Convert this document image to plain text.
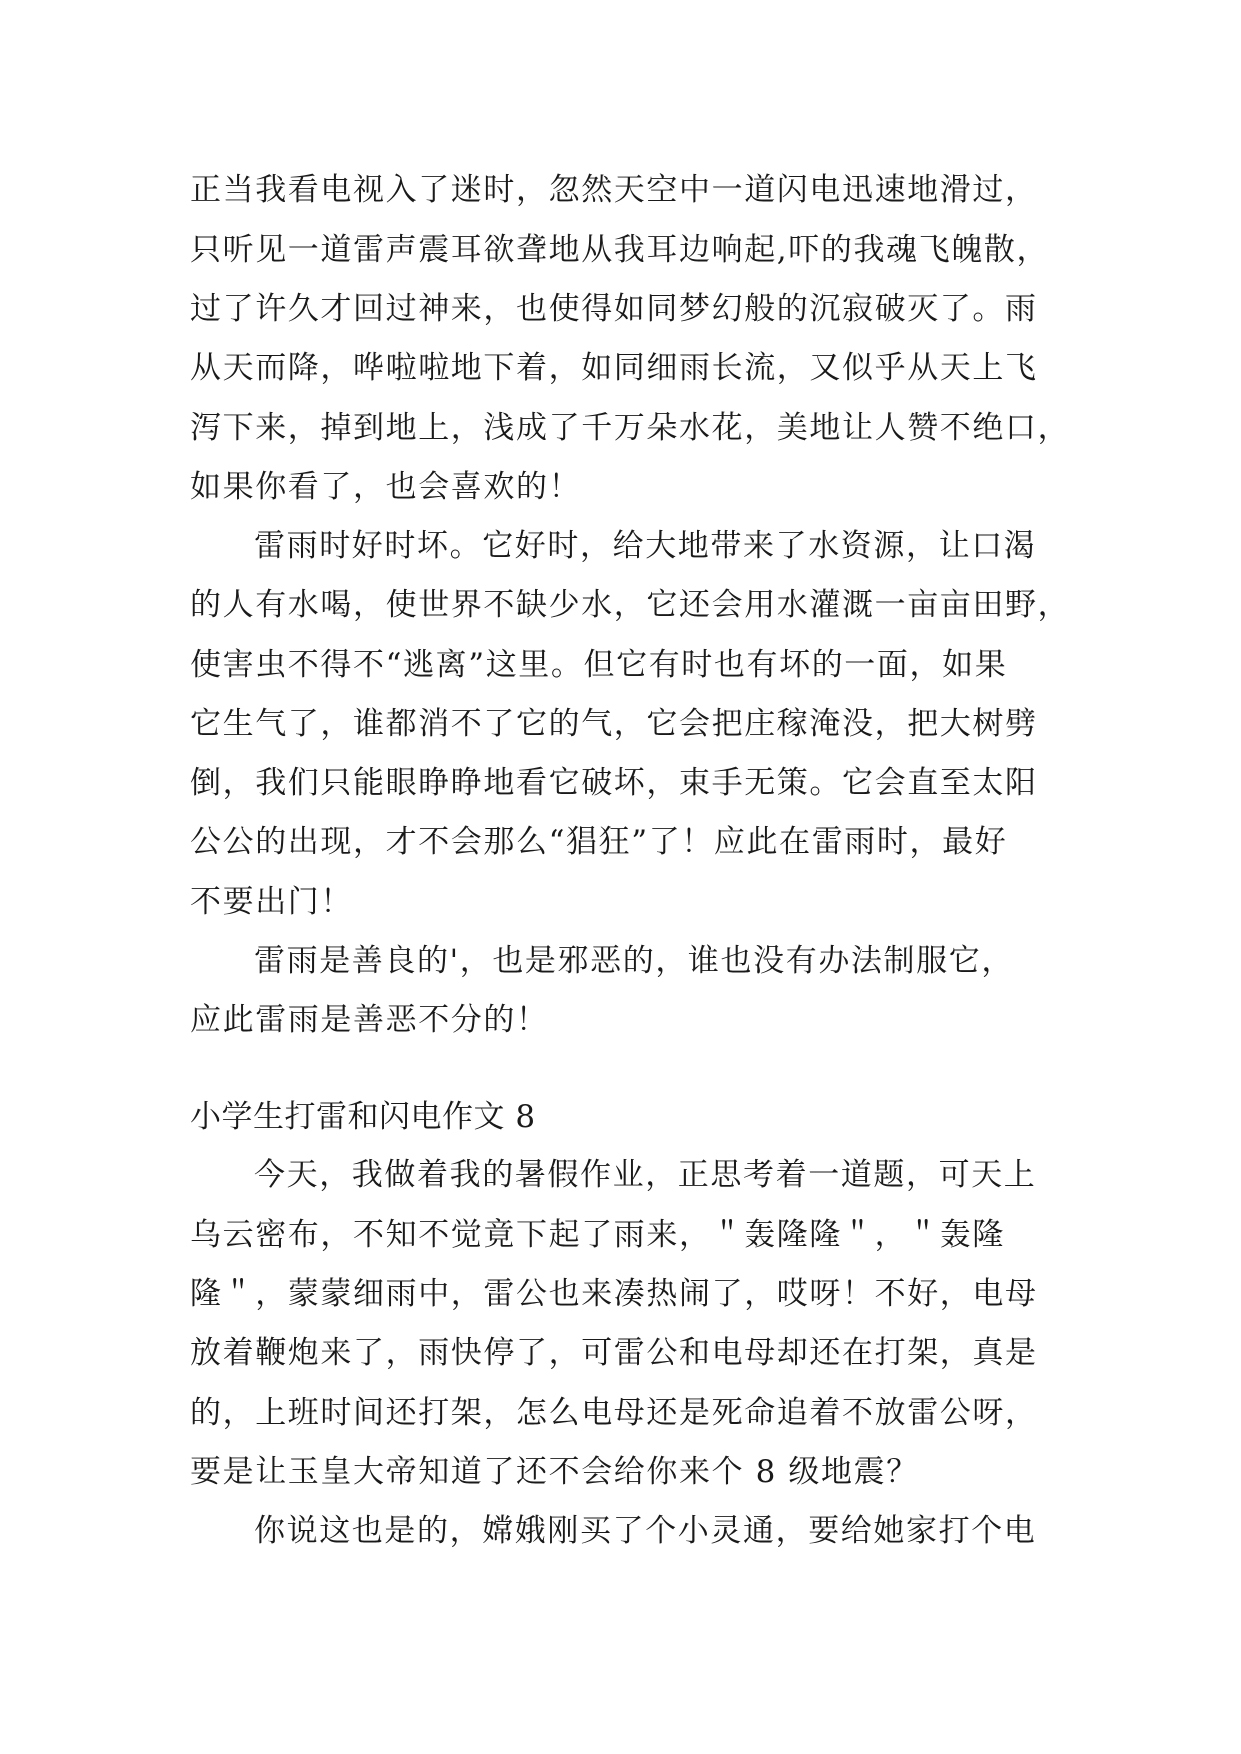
正当我看电视入了迷时，忽然天空中一道闪电迅速地滑过，
只听见一道雷声震耳欲聋地从我耳边响起,吓的我魂飞魄散，
过了许久才回过神来，也使得如同梦幻般的沉寂破灭了。雨
从天而降，哗啦啦地下着，如同细雨长流，又似乎从天上飞
泻下来，掉到地上，浅成了千万朵水花，美地让人赞不绝口，
如果你看了，也会喜欢的！
雷雨时好时坏。它好时，给大地带来了水资源，让口渴
的人有水喝，使世界不缺少水，它还会用水灌溉一亩亩田野，
使害虫不得不“逃离”这里。但它有时也有坏的一面，如果
它生气了，谁都消不了它的气，它会把庄稼淹没，把大树劈
倒，我们只能眼睁睁地看它破坏，束手无策。它会直至太阳
公公的出现，才不会那么“猖狂”了！应此在雷雨时，最好
不要出门！
雷雨是善良的'，也是邪恶的，谁也没有办法制服它，
应此雷雨是善恶不分的！
小学生打雷和闪电作文 8
今天，我做着我的暑假作业，正思考着一道题，可天上
乌云密布，不知不觉竟下起了雨来，＂轰隆隆＂，＂轰隆
隆＂，蒙蒙细雨中，雷公也来凑热闹了，哎呀！不好，电母
放着鞭炮来了，雨快停了，可雷公和电母却还在打架，真是
的，上班时间还打架，怎么电母还是死命追着不放雷公呀，
要是让玉皇大帝知道了还不会给你来个 8 级地震？
你说这也是的，嫦娥刚买了个小灵通，要给她家打个电
